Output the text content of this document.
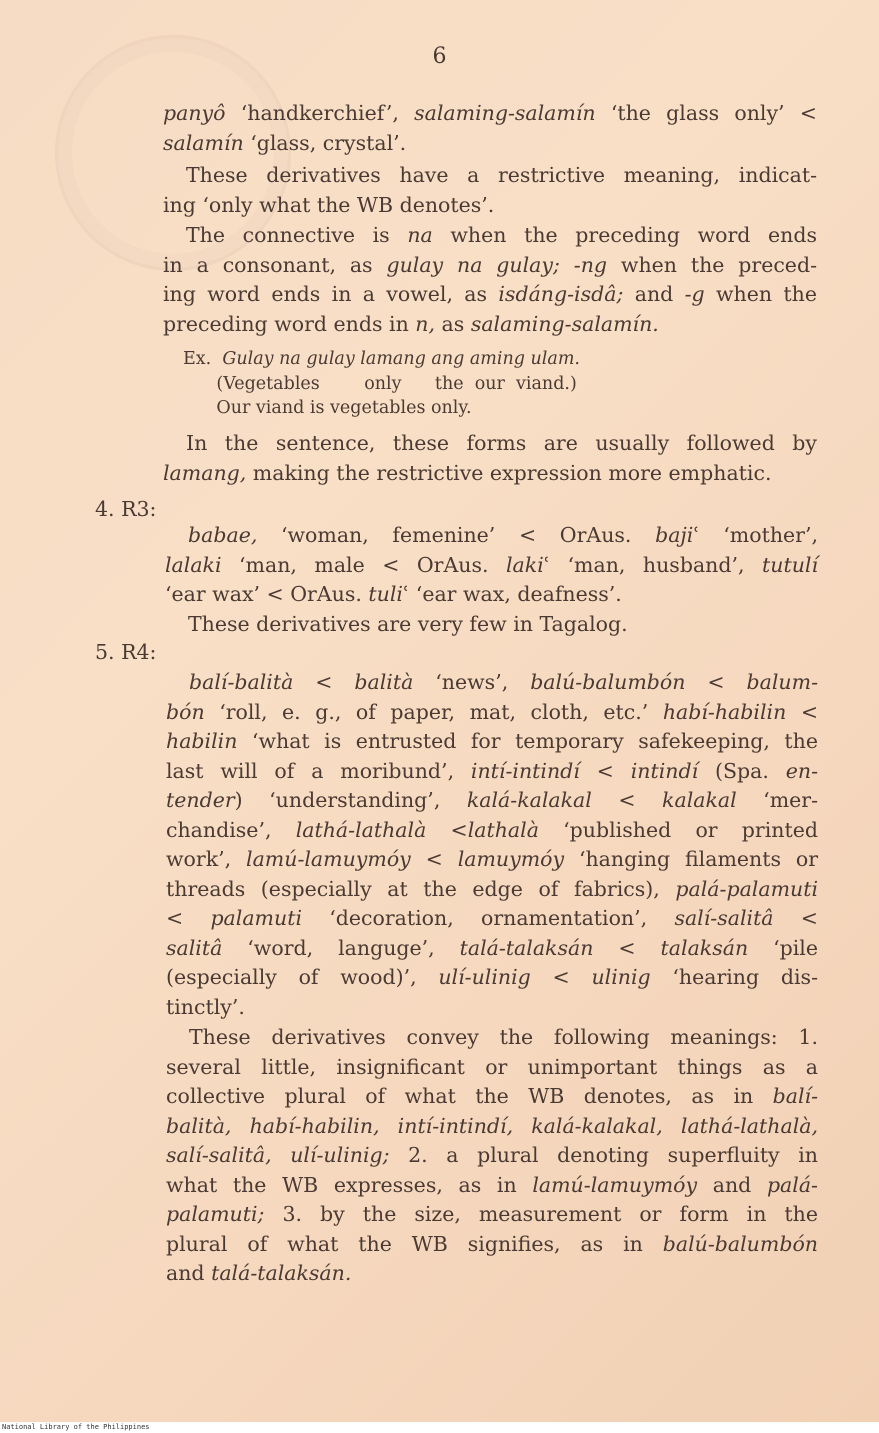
6

panyô ‘handkerchief’, salaming-salamín ‘the glass only’ <

salamín ‘glass, crystal’.

These derivatives have a restrictive meaning, indicat-

ing ‘only what the WB denotes’.

The connective is na when the preceding word ends

in a consonant, as gulay na gulay; -ng when the preced-

ing word ends in a vowel, as isdáng-isdâ; and -g when the

preceding word ends in n, as salaming-salamín.

Ex.  Gulay na gulay lamang ang aming ulam.
(Vegetables        only      the  our  viand.)
Our viand is vegetables only.

In the sentence, these forms are usually followed by

lamang, making the restrictive expression more emphatic.

4. R3:

babae, ‘woman, femenine’ < OrAus. bajiʿ ‘mother’,

lalaki ‘man, male < OrAus. lakiʿ ‘man, husband’, tutulí

‘ear wax’ < OrAus. tuliʿ ‘ear wax, deafness’.

These derivatives are very few in Tagalog.

5. R4:

balí-balità < balità ‘news’, balú-balumbón < balum-

bón ‘roll, e. g., of paper, mat, cloth, etc.’ habí-habilin <

habilin ‘what is entrusted for temporary safekeeping, the

last will of a moribund’, intí-intindí < intindí (Spa. en-

tender) ‘understanding’, kalá-kalakal < kalakal ‘mer-

chandise’, lathá-lathalà <lathalà ‘published or printed

work’, lamú-lamuymóy < lamuymóy ‘hanging filaments or

threads (especially at the edge of fabrics), palá-palamuti

< palamuti ‘decoration, ornamentation’, salí-salitâ <

salitâ ‘word, languge’, talá-talaksán < talaksán ‘pile

(especially of wood)’, ulí-ulinig < ulinig ‘hearing dis-

tinctly’.

These derivatives convey the following meanings: 1.

several little, insignificant or unimportant things as a

collective plural of what the WB denotes, as in balí-

balità, habí-habilin, intí-intindí, kalá-kalakal, lathá-lathalà,

salí-salitâ, ulí-ulinig; 2. a plural denoting superfluity in

what the WB expresses, as in lamú-lamuymóy and palá-

palamuti; 3. by the size, measurement or form in the

plural of what the WB signifies, as in balú-balumbón

and talá-talaksán.

National Library of the Philippines
